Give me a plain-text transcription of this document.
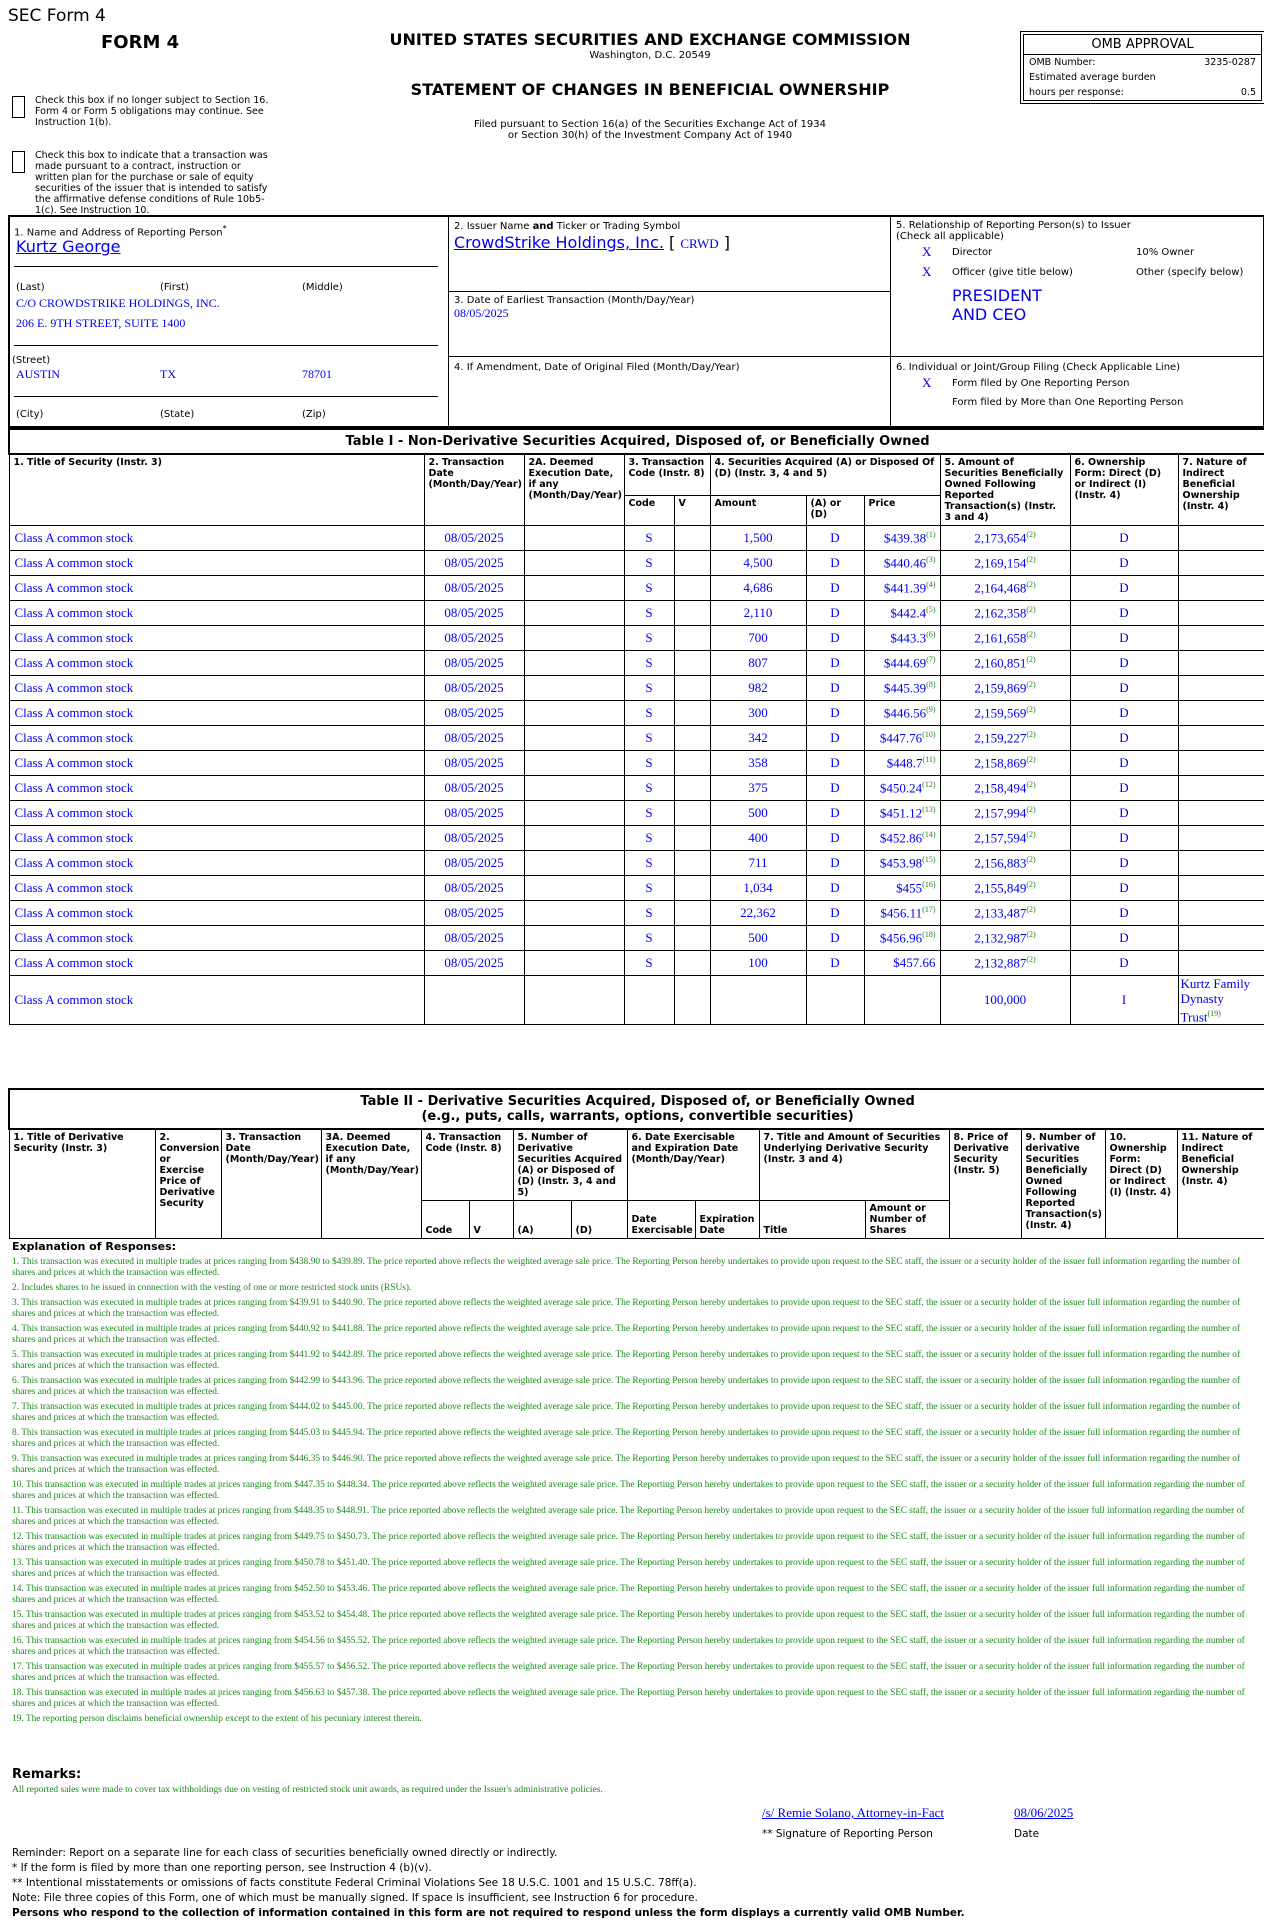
SEC Form 4
FORM 4	UNITED STATES SECURITIES AND EXCHANGE COMMISSION
Washington, D.C. 20549
STATEMENT OF CHANGES IN BENEFICIAL OWNERSHIP
Filed pursuant to Section 16(a) of the Securities Exchange Act of 1934
or Section 30(h) of the Investment Company Act of 1940
OMB APPROVAL
OMB Number:	3235-0287
Estimated average burden
hours per response:	0.5
Check this box if no longer subject to Section 16. Form 4 or Form 5 obligations may continue. See Instruction 1(b).
Check this box to indicate that a transaction was made pursuant to a contract, instruction or written plan for the purchase or sale of equity securities of the issuer that is intended to satisfy the affirmative defense conditions of Rule 10b5-1(c). See Instruction 10.
1. Name and Address of Reporting Person*
Kurtz George
(Last)	(First)	(Middle)
C/O CROWDSTRIKE HOLDINGS, INC.
206 E. 9TH STREET, SUITE 1400
(Street)
AUSTIN	TX	78701
(City)	(State)	(Zip)
2. Issuer Name and Ticker or Trading Symbol
CrowdStrike Holdings, Inc. [ CRWD ]
3. Date of Earliest Transaction (Month/Day/Year)
08/05/2025
4. If Amendment, Date of Original Filed (Month/Day/Year)
5. Relationship of Reporting Person(s) to Issuer
(Check all applicable)
X Director	10% Owner
X Officer (give title below)	Other (specify below)
PRESIDENT
AND CEO
6. Individual or Joint/Group Filing (Check Applicable Line)
X Form filed by One Reporting Person
Form filed by More than One Reporting Person
Table I - Non-Derivative Securities Acquired, Disposed of, or Beneficially Owned										
1. Title of Security (Instr. 3)	2. Transaction Date (Month/Day/Year)	2A. Deemed Execution Date, if any (Month/Day/Year)	3. Transaction Code (Instr. 8)		4. Securities Acquired (A) or Disposed Of (D) (Instr. 3, 4 and 5)			5. Amount of Securities Beneficially Owned Following Reported Transaction(s) (Instr. 3 and 4)	6. Ownership Form: Direct (D) or Indirect (I) (Instr. 4)	7. Nature of Indirect Beneficial Ownership (Instr. 4)
			Code	V	Amount	(A) or (D)	Price			
Class A common stock	08/05/2025		S		1,500	D	$439.38$^{(1)}$	2,173,654$^{(2)}$	D	
Class A common stock	08/05/2025		S		4,500	D	$440.46$^{(3)}$	2,169,154$^{(2)}$	D	
Class A common stock	08/05/2025		S		4,686	D	$441.39$^{(4)}$	2,164,468$^{(2)}$	D	
Class A common stock	08/05/2025		S		2,110	D	$442.4$^{(5)}$	2,162,358$^{(2)}$	D	
Class A common stock	08/05/2025		S		700	D	$443.3$^{(6)}$	2,161,658$^{(2)}$	D	
Class A common stock	08/05/2025		S		807	D	$444.69$^{(7)}$	2,160,851$^{(2)}$	D	
Class A common stock	08/05/2025		S		982	D	$445.39$^{(8)}$	2,159,869$^{(2)}$	D	
Class A common stock	08/05/2025		S		300	D	$446.56$^{(9)}$	2,159,569$^{(2)}$	D	
Class A common stock	08/05/2025		S		342	D	$447.76$^{(10)}$	2,159,227$^{(2)}$	D	
Class A common stock	08/05/2025		S		358	D	$448.7$^{(11)}$	2,158,869$^{(2)}$	D	
Class A common stock	08/05/2025		S		375	D	$450.24$^{(12)}$	2,158,494$^{(2)}$	D	
Class A common stock	08/05/2025		S		500	D	$451.12$^{(13)}$	2,157,994$^{(2)}$	D	
Class A common stock	08/05/2025		S		400	D	$452.86$^{(14)}$	2,157,594$^{(2)}$	D	
Class A common stock	08/05/2025		S		711	D	$453.98$^{(15)}$	2,156,883$^{(2)}$	D	
Class A common stock	08/05/2025		S		1,034	D	$455$^{(16)}$	2,155,849$^{(2)}$	D	
Class A common stock	08/05/2025		S		22,362	D	$456.11$^{(17)}$	2,133,487$^{(2)}$	D	
Class A common stock	08/05/2025		S		500	D	$456.96$^{(18)}$	2,132,987$^{(2)}$	D	
Class A common stock	08/05/2025		S		100	D	$457.66	2,132,887$^{(2)}$	D	
Class A common stock								100,000	I	Kurtz Family Dynasty Trust$^{(19)}$
Table II - Derivative Securities Acquired, Disposed of, or Beneficially Owned
(e.g., puts, calls, warrants, options, convertible securities)															

1. Title of Derivative Security (Instr. 3)	2. Conversion or Exercise Price of Derivative Security	3. Transaction Date (Month/Day/Year)	3A. Deemed Execution Date, if any (Month/Day/Year)	4. Transaction Code (Instr. 8)		5. Number of Derivative Securities Acquired (A) or Disposed of (D) (Instr. 3, 4 and 5)		6. Date Exercisable and Expiration Date (Month/Day/Year)		7. Title and Amount of Securities Underlying Derivative Security (Instr. 3 and 4)		8. Price of Derivative Security (Instr. 5)	9. Number of derivative Securities Beneficially Owned Following Reported Transaction(s) (Instr. 4)	10. Ownership Form: Direct (D) or Indirect (I) (Instr. 4)	11. Nature of Indirect Beneficial Ownership (Instr. 4)
				Code	V	(A)	(D)	Date Exercisable	Expiration Date	Title	Amount or Number of Shares				
Explanation of Responses:
1. This transaction was executed in multiple trades at prices ranging from $438.90 to $439.89. The price reported above reflects the weighted average sale price. The Reporting Person hereby undertakes to provide upon request to the SEC staff, the issuer or a security holder of the issuer full information regarding the number of shares and prices at which the transaction was effected.
2. Includes shares to be issued in connection with the vesting of one or more restricted stock units (RSUs).
3. This transaction was executed in multiple trades at prices ranging from $439.91 to $440.90. The price reported above reflects the weighted average sale price. The Reporting Person hereby undertakes to provide upon request to the SEC staff, the issuer or a security holder of the issuer full information regarding the number of shares and prices at which the transaction was effected.
4. This transaction was executed in multiple trades at prices ranging from $440.92 to $441.88. The price reported above reflects the weighted average sale price. The Reporting Person hereby undertakes to provide upon request to the SEC staff, the issuer or a security holder of the issuer full information regarding the number of shares and prices at which the transaction was effected.
5. This transaction was executed in multiple trades at prices ranging from $441.92 to $442.89. The price reported above reflects the weighted average sale price. The Reporting Person hereby undertakes to provide upon request to the SEC staff, the issuer or a security holder of the issuer full information regarding the number of shares and prices at which the transaction was effected.
6. This transaction was executed in multiple trades at prices ranging from $442.99 to $443.96. The price reported above reflects the weighted average sale price. The Reporting Person hereby undertakes to provide upon request to the SEC staff, the issuer or a security holder of the issuer full information regarding the number of shares and prices at which the transaction was effected.
7. This transaction was executed in multiple trades at prices ranging from $444.02 to $445.00. The price reported above reflects the weighted average sale price. The Reporting Person hereby undertakes to provide upon request to the SEC staff, the issuer or a security holder of the issuer full information regarding the number of shares and prices at which the transaction was effected.
8. This transaction was executed in multiple trades at prices ranging from $445.03 to $445.94. The price reported above reflects the weighted average sale price. The Reporting Person hereby undertakes to provide upon request to the SEC staff, the issuer or a security holder of the issuer full information regarding the number of shares and prices at which the transaction was effected.
9. This transaction was executed in multiple trades at prices ranging from $446.35 to $446.90. The price reported above reflects the weighted average sale price. The Reporting Person hereby undertakes to provide upon request to the SEC staff, the issuer or a security holder of the issuer full information regarding the number of shares and prices at which the transaction was effected.
10. This transaction was executed in multiple trades at prices ranging from $447.35 to $448.34. The price reported above reflects the weighted average sale price. The Reporting Person hereby undertakes to provide upon request to the SEC staff, the issuer or a security holder of the issuer full information regarding the number of shares and prices at which the transaction was effected.
11. This transaction was executed in multiple trades at prices ranging from $448.35 to $448.91. The price reported above reflects the weighted average sale price. The Reporting Person hereby undertakes to provide upon request to the SEC staff, the issuer or a security holder of the issuer full information regarding the number of shares and prices at which the transaction was effected.
12. This transaction was executed in multiple trades at prices ranging from $449.75 to $450.73. The price reported above reflects the weighted average sale price. The Reporting Person hereby undertakes to provide upon request to the SEC staff, the issuer or a security holder of the issuer full information regarding the number of shares and prices at which the transaction was effected.
13. This transaction was executed in multiple trades at prices ranging from $450.78 to $451.40. The price reported above reflects the weighted average sale price. The Reporting Person hereby undertakes to provide upon request to the SEC staff, the issuer or a security holder of the issuer full information regarding the number of shares and prices at which the transaction was effected.
14. This transaction was executed in multiple trades at prices ranging from $452.50 to $453.46. The price reported above reflects the weighted average sale price. The Reporting Person hereby undertakes to provide upon request to the SEC staff, the issuer or a security holder of the issuer full information regarding the number of shares and prices at which the transaction was effected.
15. This transaction was executed in multiple trades at prices ranging from $453.52 to $454.48. The price reported above reflects the weighted average sale price. The Reporting Person hereby undertakes to provide upon request to the SEC staff, the issuer or a security holder of the issuer full information regarding the number of shares and prices at which the transaction was effected.
16. This transaction was executed in multiple trades at prices ranging from $454.56 to $455.52. The price reported above reflects the weighted average sale price. The Reporting Person hereby undertakes to provide upon request to the SEC staff, the issuer or a security holder of the issuer full information regarding the number of shares and prices at which the transaction was effected.
17. This transaction was executed in multiple trades at prices ranging from $455.57 to $456.52. The price reported above reflects the weighted average sale price. The Reporting Person hereby undertakes to provide upon request to the SEC staff, the issuer or a security holder of the issuer full information regarding the number of shares and prices at which the transaction was effected.
18. This transaction was executed in multiple trades at prices ranging from $456.63 to $457.38. The price reported above reflects the weighted average sale price. The Reporting Person hereby undertakes to provide upon request to the SEC staff, the issuer or a security holder of the issuer full information regarding the number of shares and prices at which the transaction was effected.
19. The reporting person disclaims beneficial ownership except to the extent of his pecuniary interest therein.
Remarks:
All reported sales were made to cover tax withholdings due on vesting of restricted stock unit awards, as required under the Issuer's administrative policies.
/s/ Remie Solano, Attorney-in-Fact	08/06/2025
** Signature of Reporting Person	Date
Reminder: Report on a separate line for each class of securities beneficially owned directly or indirectly.
* If the form is filed by more than one reporting person, see Instruction 4 (b)(v).
** Intentional misstatements or omissions of facts constitute Federal Criminal Violations See 18 U.S.C. 1001 and 15 U.S.C. 78ff(a).
Note: File three copies of this Form, one of which must be manually signed. If space is insufficient, see Instruction 6 for procedure.
Persons who respond to the collection of information contained in this form are not required to respond unless the form displays a currently valid OMB Number.
